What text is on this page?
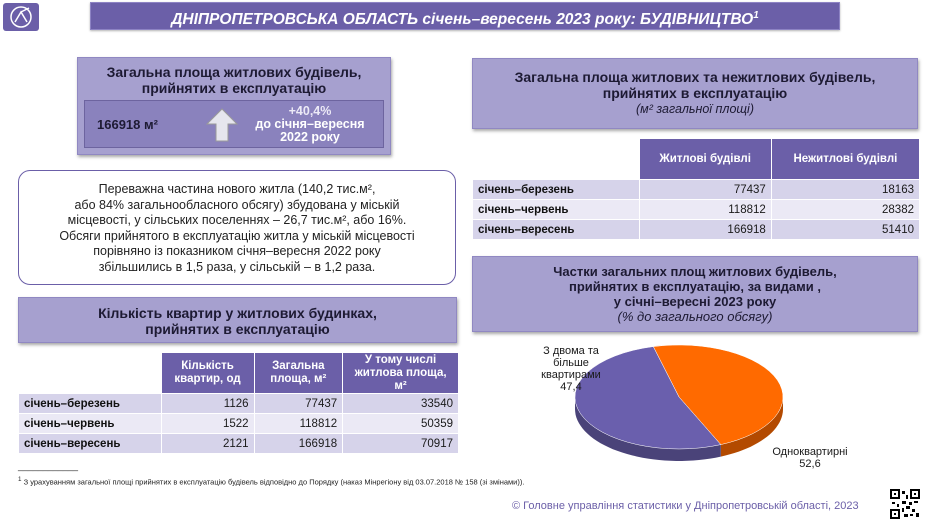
ДНІПРОПЕТРОВСЬКА ОБЛАСТЬ січень–вересень 2023 року: БУДІВНИЦТВО$^1$
Загальна площа житлових будівель,
прийнятих в експлуатацію
166918 м²
+40,4%
до січня–вересня
2022 року
Переважна частина нового житла (140,2 тис.м²,
або 84% загальнообласного обсягу) збудована у міській
місцевості, у сільських поселеннях – 26,7 тис.м², або 16%.
Обсяги прийнятого в експлуатацію житла у міській місцевості
порівняно із показником січня–вересня 2022 року
збільшились в 1,5 раза, у сільській – в 1,2 раза.
Кількість квартир у житлових будинках,
прийнятих в експлуатацію
	Кількість квартир, од	Загальна площа, м²	У тому числі житлова площа, м²
січень–березень	1126	77437	33540
січень–червень	1522	118812	50359
січень–вересень	2121	166918	70917
Загальна площа житлових та нежитлових будівель,
прийнятих в експлуатацію
(м² загальної площі)
	Житлові будівлі	Нежитлові будівлі
січень–березень	77437	18163
січень–червень	118812	28382
січень–вересень	166918	51410
Частки загальних площ житлових будівель,
прийнятих в експлуатацію, за видами ,
у січні–вересні 2023 року
(% до загального обсягу)
З двома та
більше
квартирами
47,4
Одноквартирні
52,6
____________
$^1$ З урахуванням загальної площі прийнятих в експлуатацію будівель відповідно до Порядку (наказ Мінрегіону від 03.07.2018 № 158 (зі змінами)).
© Головне управління статистики у Дніпропетровській області, 2023
